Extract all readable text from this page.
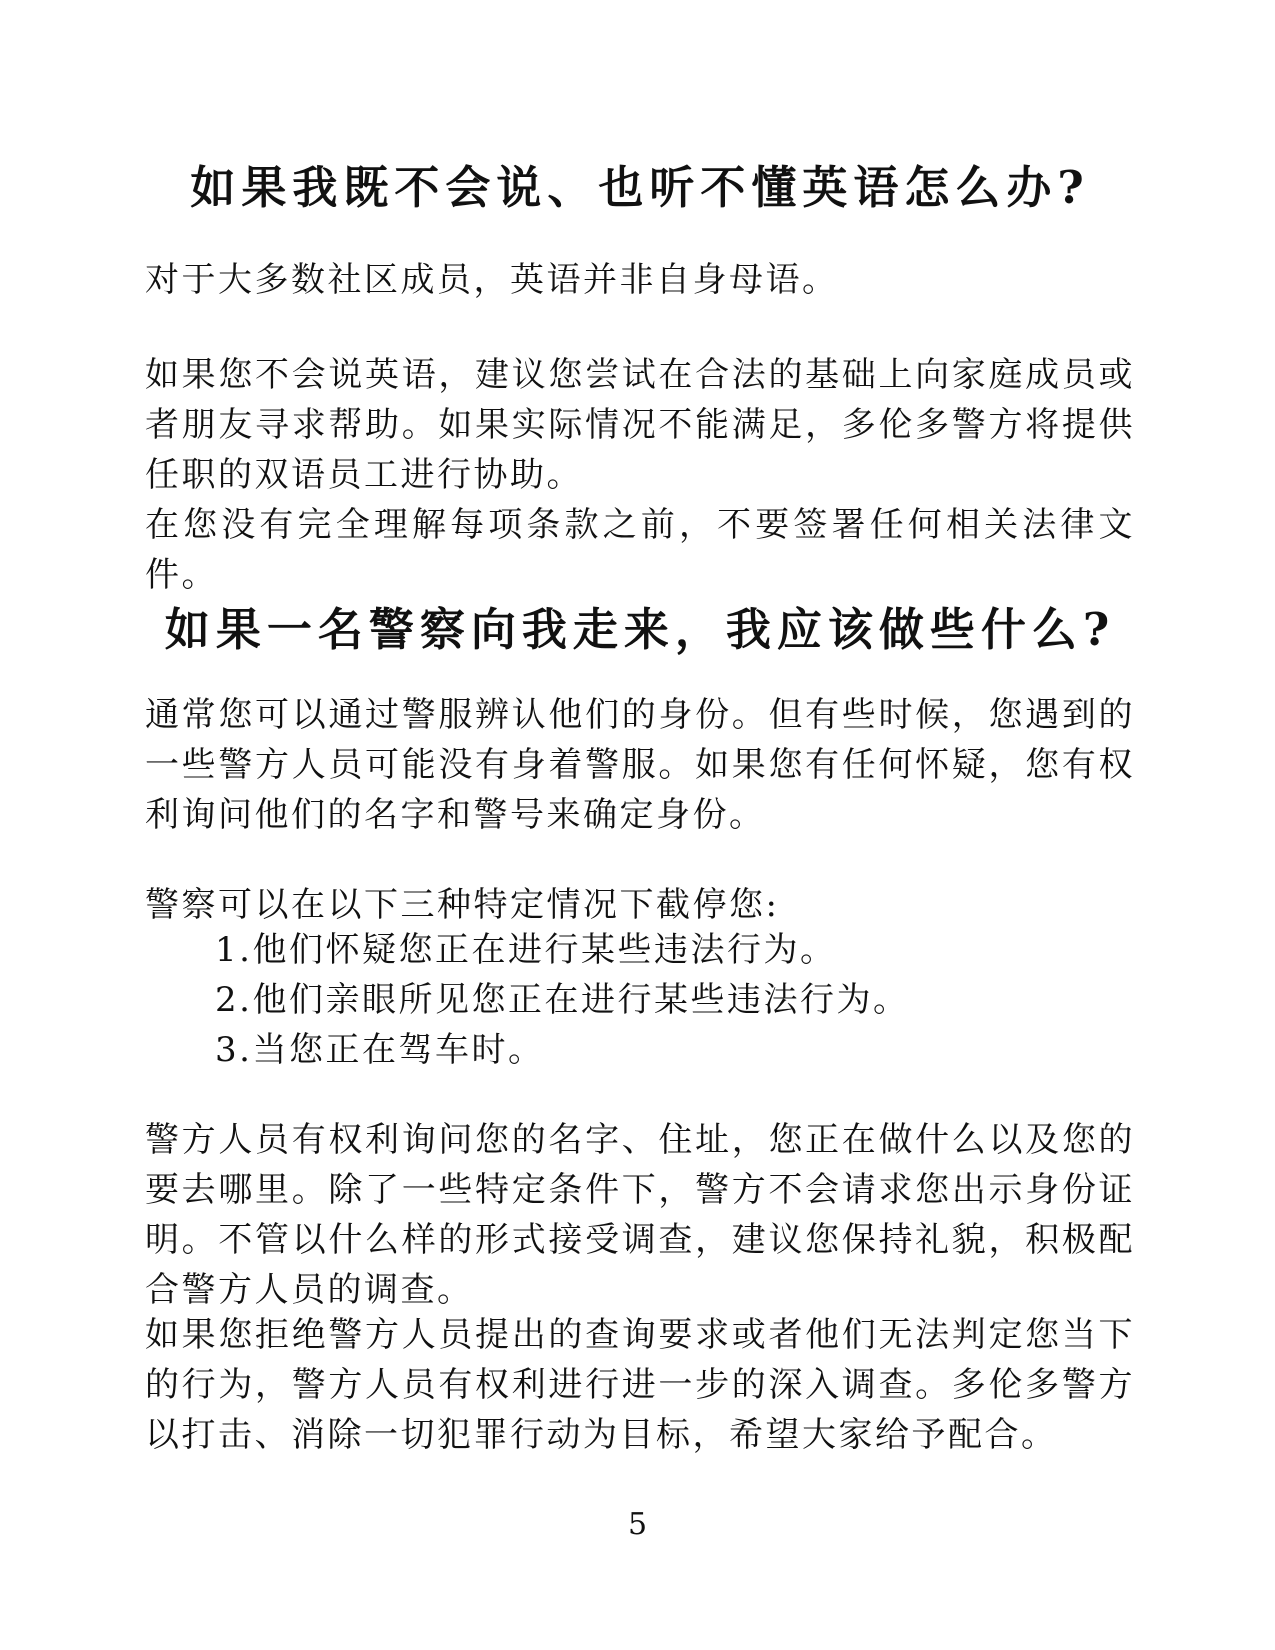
如果我既不会说、也听不懂英语怎么办?

对于大多数社区成员，英语并非自身母语。

如果您不会说英语，建议您尝试在合法的基础上向家庭成员或者朋友寻求帮助。如果实际情况不能满足，多伦多警方将提供任职的双语员工进行协助。

在您没有完全理解每项条款之前，不要签署任何相关法律文件。

如果一名警察向我走来，我应该做些什么?

通常您可以通过警服辨认他们的身份。但有些时候，您遇到的一些警方人员可能没有身着警服。如果您有任何怀疑，您有权利询问他们的名字和警号来确定身份。

警察可以在以下三种特定情况下截停您:

1.他们怀疑您正在进行某些违法行为。
2.他们亲眼所见您正在进行某些违法行为。
3.当您正在驾车时。

警方人员有权利询问您的名字、住址，您正在做什么以及您的要去哪里。除了一些特定条件下，警方不会请求您出示身份证明。不管以什么样的形式接受调查，建议您保持礼貌，积极配合警方人员的调查。

如果您拒绝警方人员提出的查询要求或者他们无法判定您当下的行为，警方人员有权利进行进一步的深入调查。多伦多警方以打击、消除一切犯罪行动为目标，希望大家给予配合。

5
